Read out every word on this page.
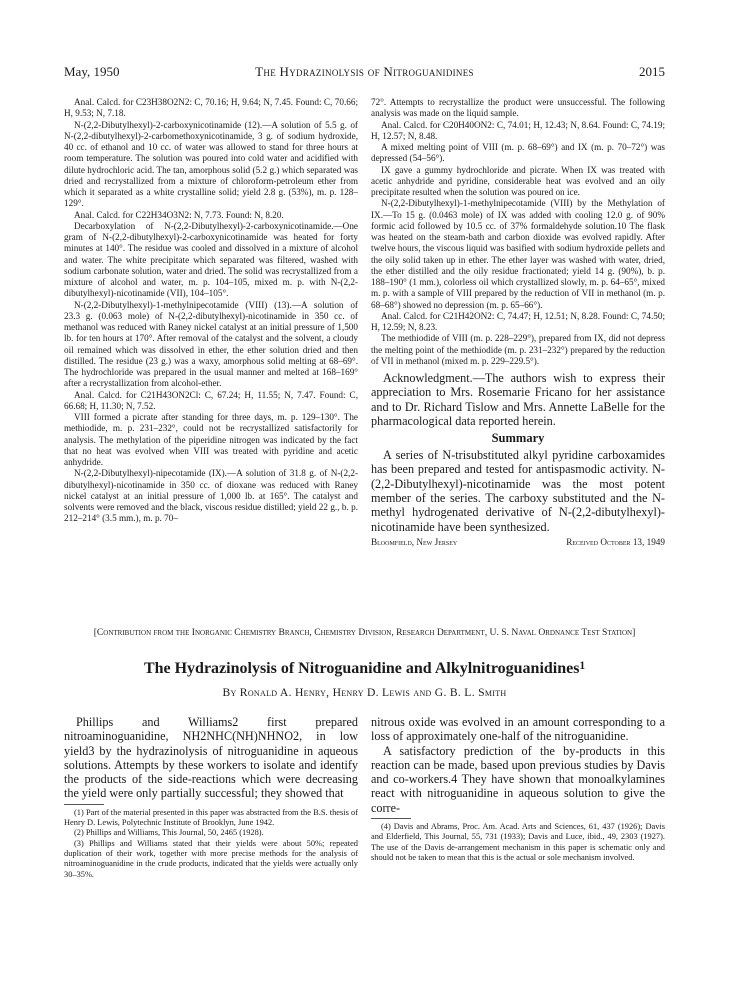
May, 1950	The Hydrazinolysis of Nitroguanidines	2015

Anal. Calcd. for C23H38O2N2: C, 70.16; H, 9.64; N, 7.45. Found: C, 70.66; H, 9.53; N, 7.18.

N-(2,2-Dibutylhexyl)-2-carboxynicotinamide (12).—A solution of 5.5 g. of N-(2,2-dibutylhexyl)-2-carbomethoxynicotinamide, 3 g. of sodium hydroxide, 40 cc. of ethanol and 10 cc. of water was allowed to stand for three hours at room temperature. The solution was poured into cold water and acidified with dilute hydrochloric acid. The tan, amorphous solid (5.2 g.) which separated was dried and recrystallized from a mixture of chloroform-petroleum ether from which it separated as a white crystalline solid; yield 2.8 g. (53%), m. p. 128–129°.

Anal. Calcd. for C22H34O3N2: N, 7.73. Found: N, 8.20.

Decarboxylation of N-(2,2-Dibutylhexyl)-2-carboxynicotinamide.—One gram of N-(2,2-dibutylhexyl)-2-carboxynicotinamide was heated for forty minutes at 140°. The residue was cooled and dissolved in a mixture of alcohol and water. The white precipitate which separated was filtered, washed with sodium carbonate solution, water and dried. The solid was recrystallized from a mixture of alcohol and water, m. p. 104–105, mixed m. p. with N-(2,2-dibutylhexyl)-nicotinamide (VII), 104–105°.

N-(2,2-Dibutylhexyl)-1-methylnipecotamide (VIII) (13).—A solution of 23.3 g. (0.063 mole) of N-(2,2-dibutylhexyl)-nicotinamide in 350 cc. of methanol was reduced with Raney nickel catalyst at an initial pressure of 1,500 lb. for ten hours at 170°. After removal of the catalyst and the solvent, a cloudy oil remained which was dissolved in ether, the ether solution dried and then distilled. The residue (23 g.) was a waxy, amorphous solid melting at 68–69°. The hydrochloride was prepared in the usual manner and melted at 168–169° after a recrystallization from alcohol-ether.

Anal. Calcd. for C21H43ON2Cl: C, 67.24; H, 11.55; N, 7.47. Found: C, 66.68; H, 11.30; N, 7.52.

VIII formed a picrate after standing for three days, m. p. 129–130°. The methiodide, m. p. 231–232°, could not be recrystallized satisfactorily for analysis. The methylation of the piperidine nitrogen was indicated by the fact that no heat was evolved when VIII was treated with pyridine and acetic anhydride.

N-(2,2-Dibutylhexyl)-nipecotamide (IX).—A solution of 31.8 g. of N-(2,2-dibutylhexyl)-nicotinamide in 350 cc. of dioxane was reduced with Raney nickel catalyst at an initial pressure of 1,000 lb. at 165°. The catalyst and solvents were removed and the black, viscous residue distilled; yield 22 g., b. p. 212–214° (3.5 mm.), m. p. 70–

72°. Attempts to recrystallize the product were unsuccessful. The following analysis was made on the liquid sample.

Anal. Calcd. for C20H40ON2: C, 74.01; H, 12.43; N, 8.64. Found: C, 74.19; H, 12.57; N, 8.48.

A mixed melting point of VIII (m. p. 68–69°) and IX (m. p. 70–72°) was depressed (54–56°).

IX gave a gummy hydrochloride and picrate. When IX was treated with acetic anhydride and pyridine, considerable heat was evolved and an oily precipitate resulted when the solution was poured on ice.

N-(2,2-Dibutylhexyl)-1-methylnipecotamide (VIII) by the Methylation of IX.—To 15 g. (0.0463 mole) of IX was added with cooling 12.0 g. of 90% formic acid followed by 10.5 cc. of 37% formaldehyde solution.10 The flask was heated on the steam-bath and carbon dioxide was evolved rapidly. After twelve hours, the viscous liquid was basified with sodium hydroxide pellets and the oily solid taken up in ether. The ether layer was washed with water, dried, the ether distilled and the oily residue fractionated; yield 14 g. (90%), b. p. 188–190° (1 mm.), colorless oil which crystallized slowly, m. p. 64–65°, mixed m. p. with a sample of VIII prepared by the reduction of VII in methanol (m. p. 68–68°) showed no depression (m. p. 65–66°).

Anal. Calcd. for C21H42ON2: C, 74.47; H, 12.51; N, 8.28. Found: C, 74.50; H, 12.59; N, 8.23.

The methiodide of VIII (m. p. 228–229°), prepared from IX, did not depress the melting point of the methiodide (m. p. 231–232°) prepared by the reduction of VII in methanol (mixed m. p. 229–229.5°).

Acknowledgment.—The authors wish to express their appreciation to Mrs. Rosemarie Fricano for her assistance and to Dr. Richard Tislow and Mrs. Annette LaBelle for the pharmacological data reported herein.

Summary

A series of N-trisubstituted alkyl pyridine carboxamides has been prepared and tested for antispasmodic activity. N-(2,2-Dibutylhexyl)-nicotinamide was the most potent member of the series. The carboxy substituted and the N-methyl hydrogenated derivative of N-(2,2-dibutylhexyl)-nicotinamide have been synthesized.

Bloomfield, New Jersey	Received October 13, 1949
[Contribution from the Inorganic Chemistry Branch, Chemistry Division, Research Department, U. S. Naval Ordnance Test Station]
The Hydrazinolysis of Nitroguanidine and Alkylnitroguanidines$^1$
By Ronald A. Henry, Henry D. Lewis and G. B. L. Smith

Phillips and Williams2 first prepared nitroaminoguanidine, NH2NHC(NH)NHNO2, in low yield3 by the hydrazinolysis of nitroguanidine in aqueous solutions. Attempts by these workers to isolate and identify the products of the side-reactions which were decreasing the yield were only partially successful; they showed that

(1) Part of the material presented in this paper was abstracted from the B.S. thesis of Henry D. Lewis, Polytechnic Institute of Brooklyn, June 1942.

(2) Phillips and Williams, This Journal, 50, 2465 (1928).

(3) Phillips and Williams stated that their yields were about 50%; repeated duplication of their work, together with more precise methods for the analysis of nitroaminoguanidine in the crude products, indicated that the yields were actually only 30–35%.

nitrous oxide was evolved in an amount corresponding to a loss of approximately one-half of the nitroguanidine.

A satisfactory prediction of the by-products in this reaction can be made, based upon previous studies by Davis and co-workers.4 They have shown that monoalkylamines react with nitroguanidine in aqueous solution to give the corre-

(4) Davis and Abrams, Proc. Am. Acad. Arts and Sciences, 61, 437 (1926); Davis and Elderfield, This Journal, 55, 731 (1933); Davis and Luce, ibid., 49, 2303 (1927). The use of the Davis de-arrangement mechanism in this paper is schematic only and should not be taken to mean that this is the actual or sole mechanism involved.
